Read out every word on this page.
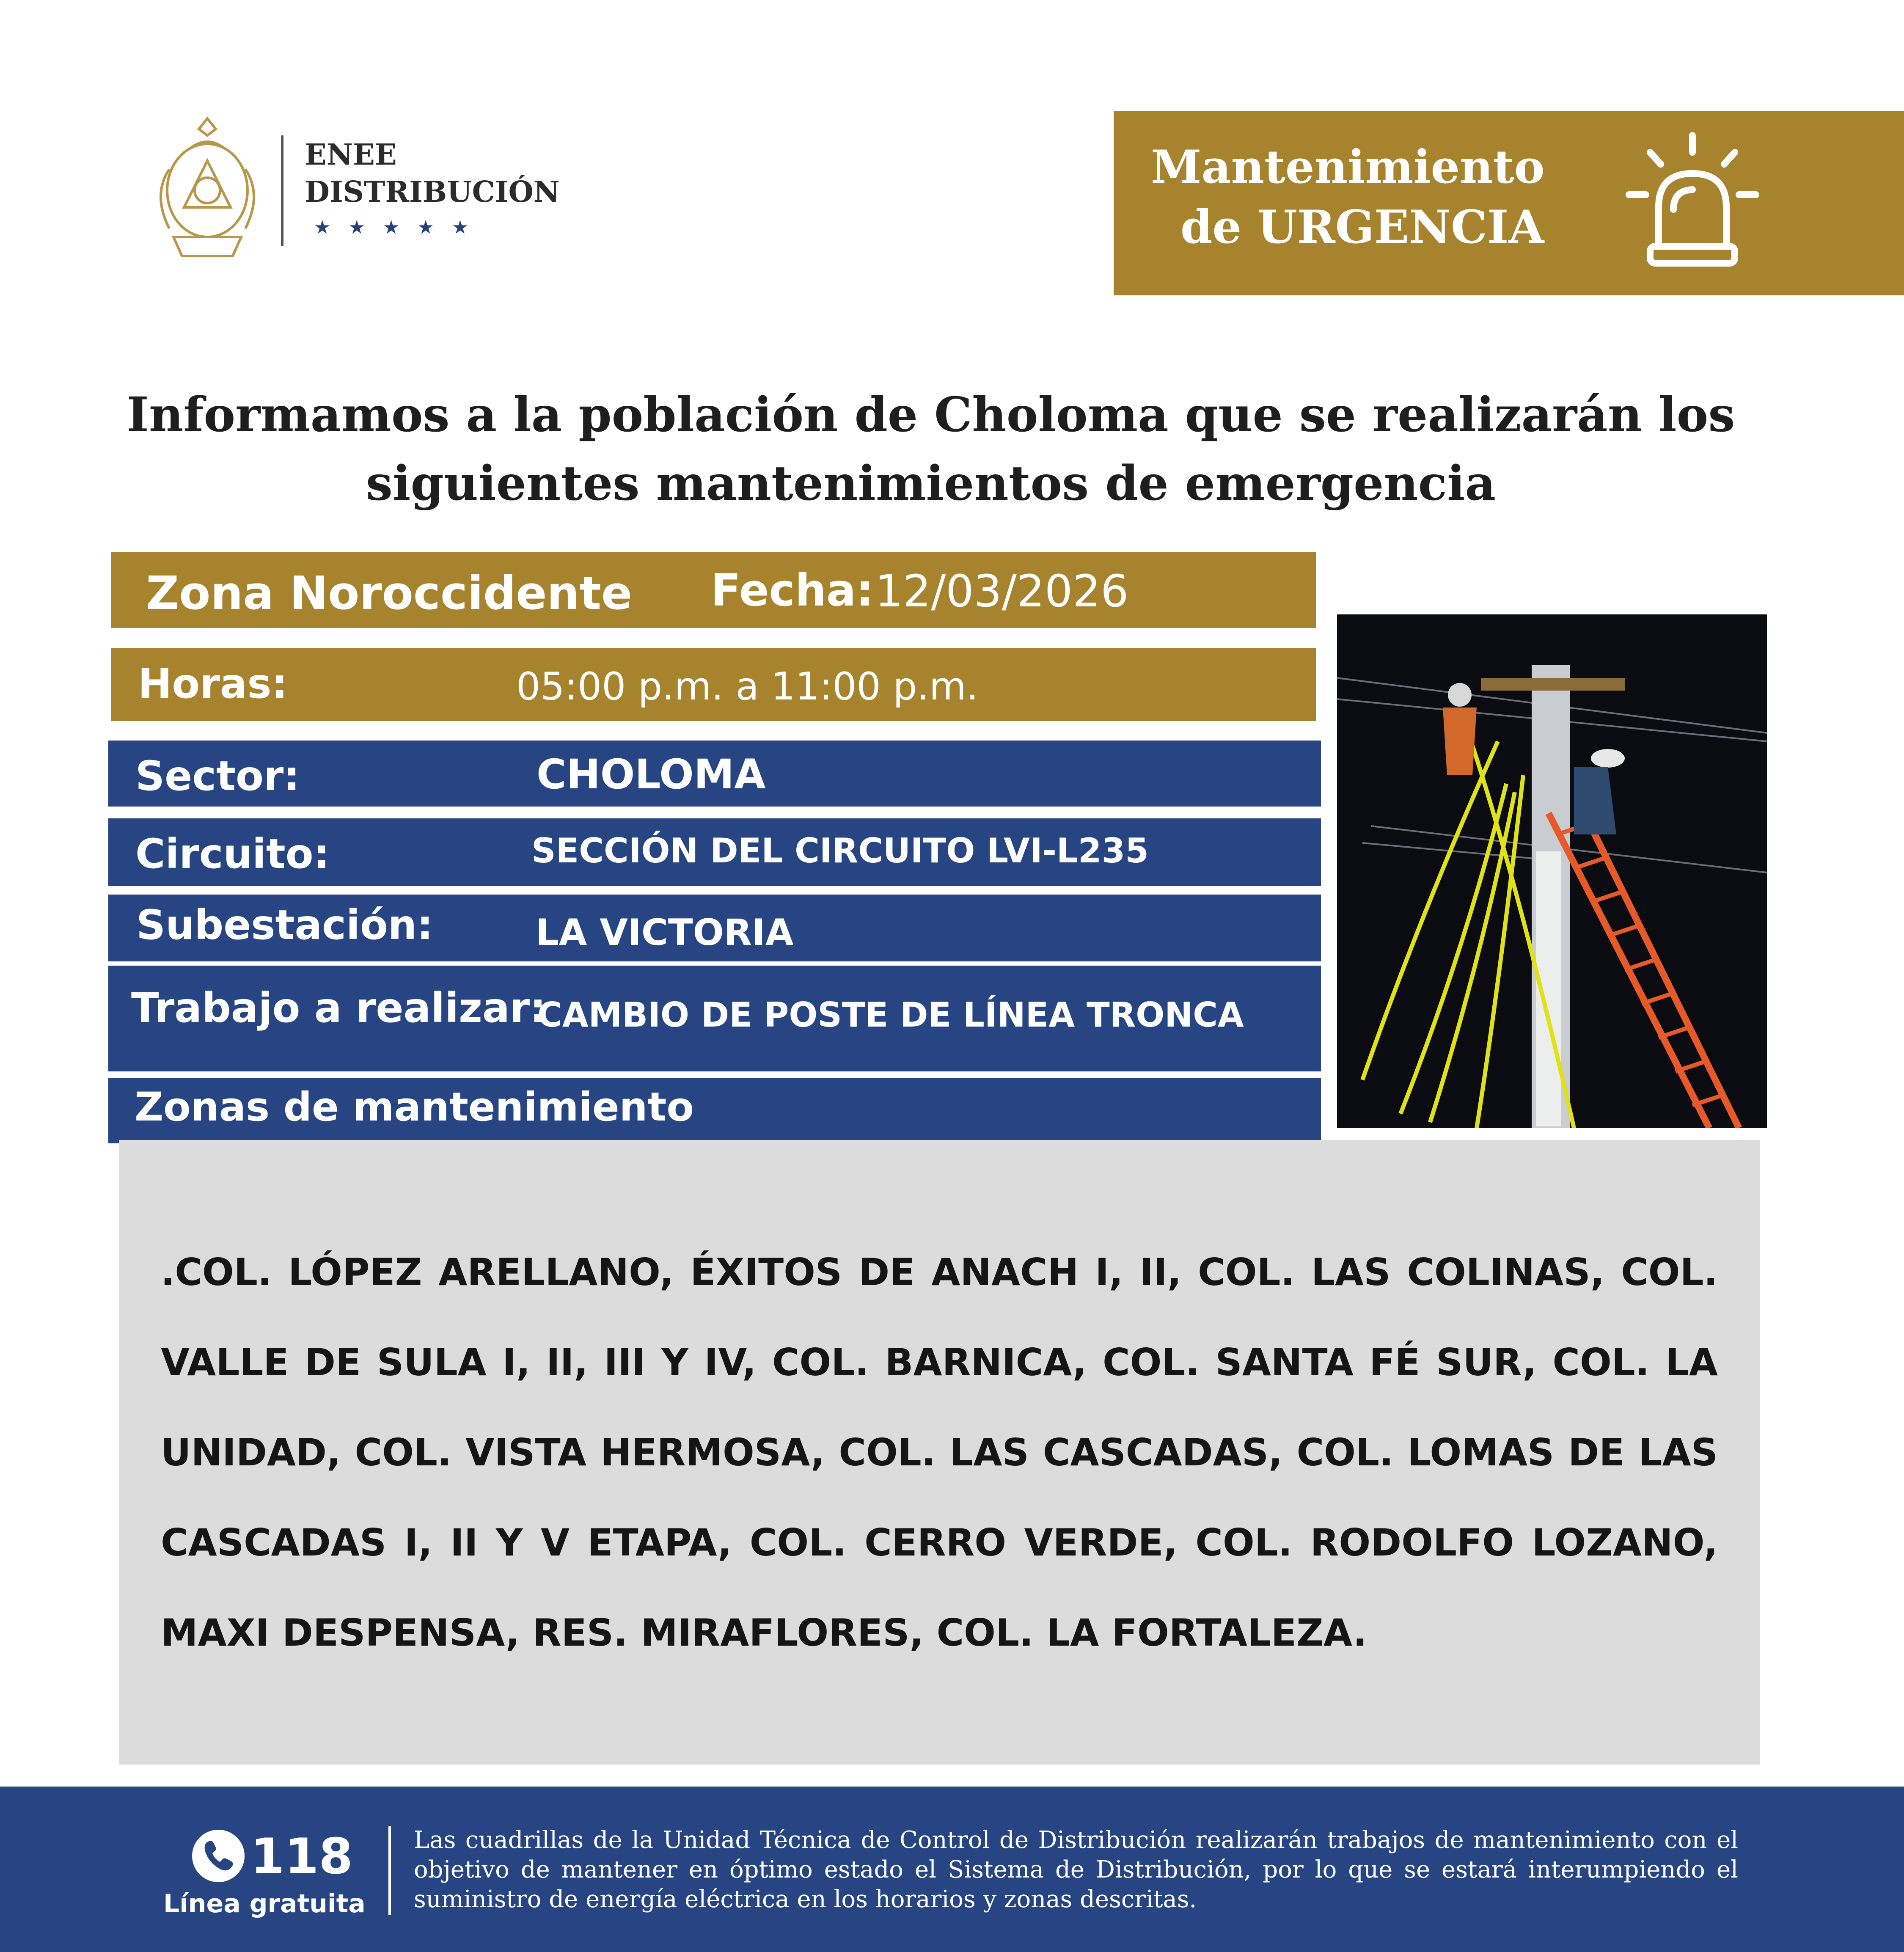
ENEE
DISTRIBUCIÓN
★★★★★
Mantenimiento
de URGENCIA
Informamos a la población de Choloma que se realizarán los siguientes mantenimientos de emergencia
Zona Noroccidente Fecha: 12/03/2026
Horas:	05:00 p.m. a 11:00 p.m.
Sector:	CHOLOMA
Circuito:	SECCIÓN DEL CIRCUITO LVI-L235
Subestación:	LA VICTORIA
Trabajo a realizar:
CAMBIO DE POSTE DE LÍNEA TRONCA
Zonas de mantenimiento
.COL. LÓPEZ ARELLANO, ÉXITOS DE ANACH I, II, COL. LAS COLINAS, COL. VALLE DE SULA I, II, III Y IV, COL. BARNICA, COL. SANTA FÉ SUR, COL. LA UNIDAD, COL. VISTA HERMOSA, COL. LAS CASCADAS, COL. LOMAS DE LAS CASCADAS I, II Y V ETAPA, COL. CERRO VERDE, COL. RODOLFO LOZANO, MAXI DESPENSA, RES. MIRAFLORES, COL. LA FORTALEZA.
118
Línea gratuita
Las cuadrillas de la Unidad Técnica de Control de Distribución realizarán trabajos de mantenimiento con el objetivo de mantener en óptimo estado el Sistema de Distribución, por lo que se estará interumpiendo el suministro de energía eléctrica en los horarios y zonas descritas.
